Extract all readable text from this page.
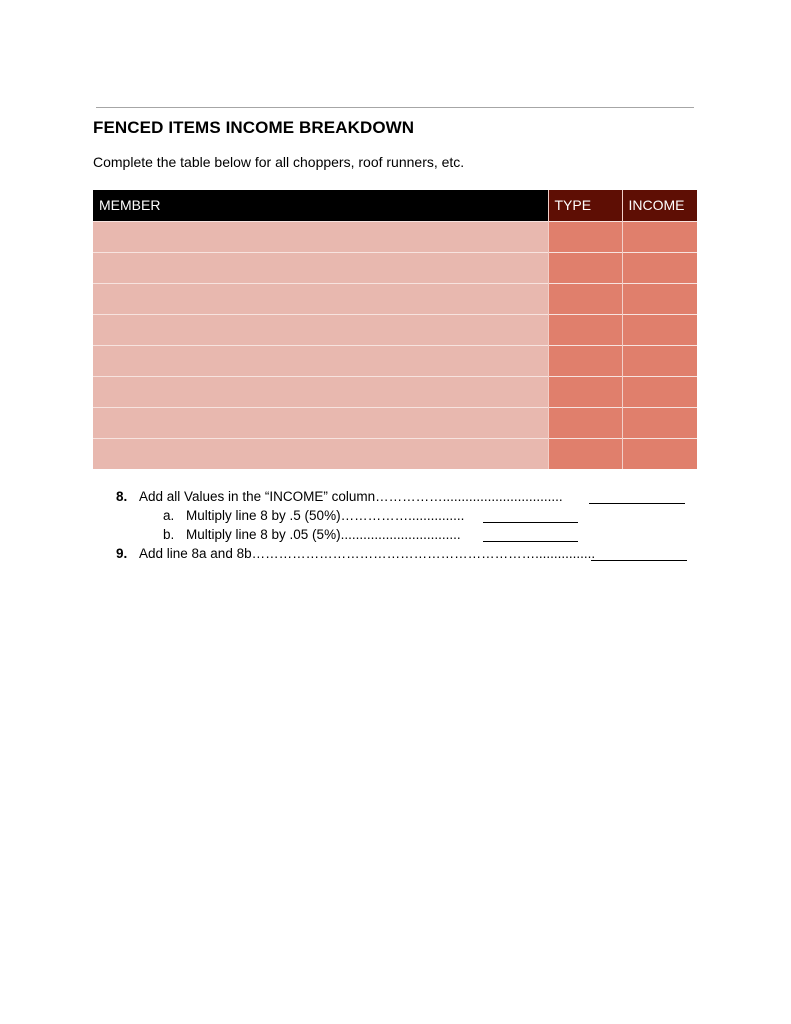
FENCED ITEMS INCOME BREAKDOWN

Complete the table below for all choppers, roof runners, etc.

MEMBER	TYPE	INCOME

8. Add all Values in the “INCOME” column……………................................
a. Multiply line 8 by .5 (50%)……………...............
b. Multiply line 8 by .05 (5%)................................
9. Add line 8a and 8b………………………………………………………................
